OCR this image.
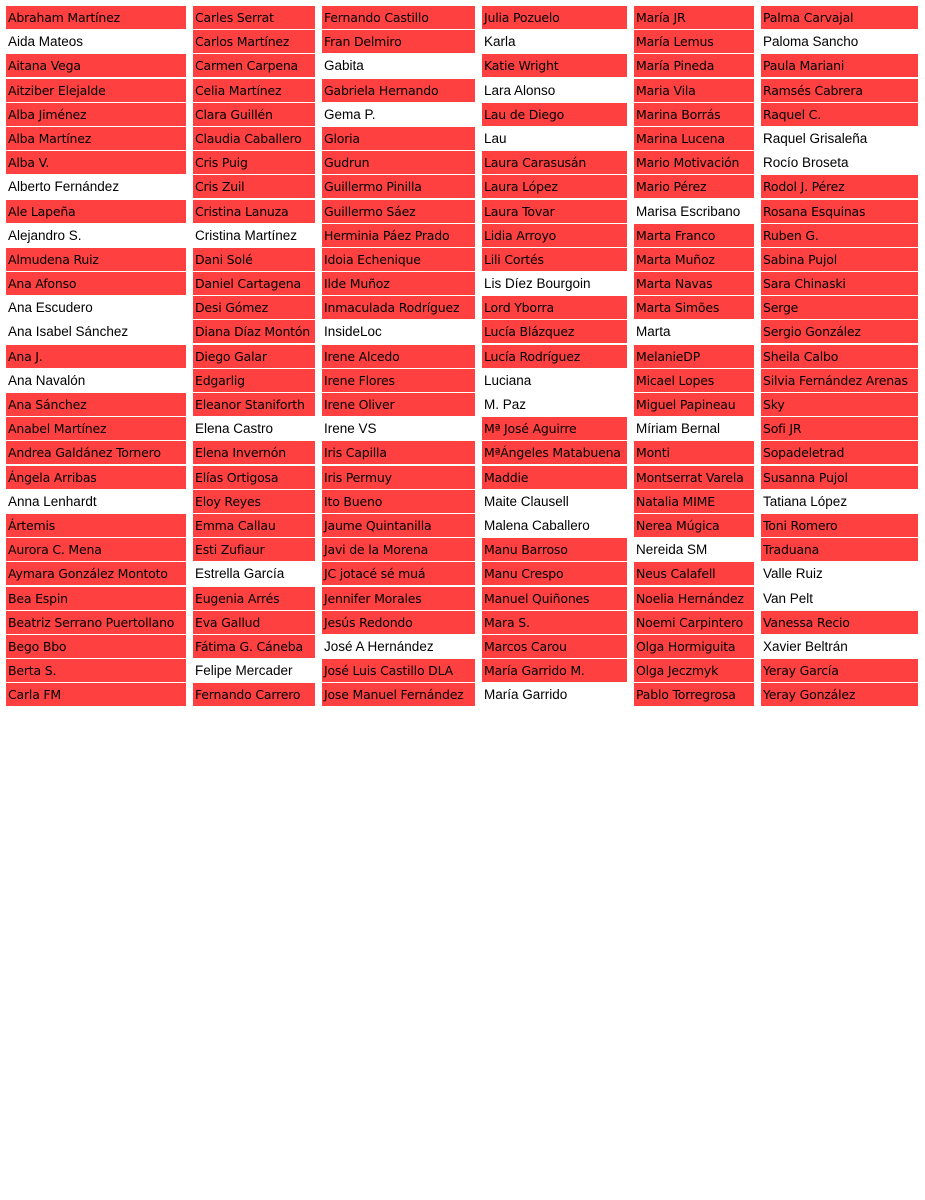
Abraham Martínez
Aida Mateos
Aitana Vega
Aitziber Elejalde
Alba Jiménez
Alba Martínez
Alba V.
Alberto Fernández
Ale Lapeña
Alejandro S.
Almudena Ruiz
Ana Afonso
Ana Escudero
Ana Isabel Sánchez
Ana J.
Ana Navalón
Ana Sánchez
Anabel Martínez
Andrea Galdánez Tornero
Ángela Arribas
Anna Lenhardt
Ártemis
Aurora C. Mena
Aymara González Montoto
Bea Espin
Beatriz Serrano Puertollano
Bego Bbo
Berta S.
Carla FM
Carles Serrat
Carlos Martínez
Carmen Carpena
Celia Martínez
Clara Guillén
Claudia Caballero
Cris Puig
Cris Zuil
Cristina Lanuza
Cristina Martínez
Dani Solé
Daniel Cartagena
Desi Gómez
Diana Díaz Montón
Diego Galar
Edgarlig
Eleanor Staniforth
Elena Castro
Elena Invernón
Elías Ortigosa
Eloy Reyes
Emma Callau
Esti Zufiaur
Estrella García
Eugenia Arrés
Eva Gallud
Fátima G. Cáneba
Felipe Mercader
Fernando Carrero
Fernando Castillo
Fran Delmiro
Gabita
Gabriela Hernando
Gema P.
Gloria
Gudrun
Guillermo Pinilla
Guillermo Sáez
Herminia Páez Prado
Idoia Echenique
Ilde Muñoz
Inmaculada Rodríguez
InsideLoc
Irene Alcedo
Irene Flores
Irene Oliver
Irene VS
Iris Capilla
Iris Permuy
Ito Bueno
Jaume Quintanilla
Javi de la Morena
JC jotacé sé muá
Jennifer Morales
Jesús Redondo
José A Hernández
José Luis Castillo DLA
Jose Manuel Fernández
Julia Pozuelo
Karla
Katie Wright
Lara Alonso
Lau de Diego
Lau
Laura Carasusán
Laura López
Laura Tovar
Lidia Arroyo
Lili Cortés
Lis Díez Bourgoin
Lord Yborra
Lucía Blázquez
Lucía Rodríguez
Luciana
M. Paz
Mª José Aguirre
MªÁngeles Matabuena
Maddie
Maite Clausell
Malena Caballero
Manu Barroso
Manu Crespo
Manuel Quiñones
Mara S.
Marcos Carou
María Garrido M.
María Garrido
María JR
María Lemus
María Pineda
Maria Vila
Marina Borrás
Marina Lucena
Mario Motivación
Mario Pérez
Marisa Escribano
Marta Franco
Marta Muñoz
Marta Navas
Marta Simões
Marta
MelanieDP
Micael Lopes
Miguel Papineau
Míriam Bernal
Monti
Montserrat Varela
Natalia MIME
Nerea Múgica
Nereida SM
Neus Calafell
Noelia Hernández
Noemi Carpintero
Olga Hormiguita
Olga Jeczmyk
Pablo Torregrosa
Palma Carvajal
Paloma Sancho
Paula Mariani
Ramsés Cabrera
Raquel C.
Raquel Grisaleña
Rocío Broseta
Rodol J. Pérez
Rosana Esquinas
Ruben G.
Sabina Pujol
Sara Chinaski
Serge
Sergio González
Sheila Calbo
Silvia Fernández Arenas
Sky
Sofi JR
Sopadeletrad
Susanna Pujol
Tatiana López
Toni Romero
Traduana
Valle Ruiz
Van Pelt
Vanessa Recio
Xavier Beltrán
Yeray García
Yeray González
